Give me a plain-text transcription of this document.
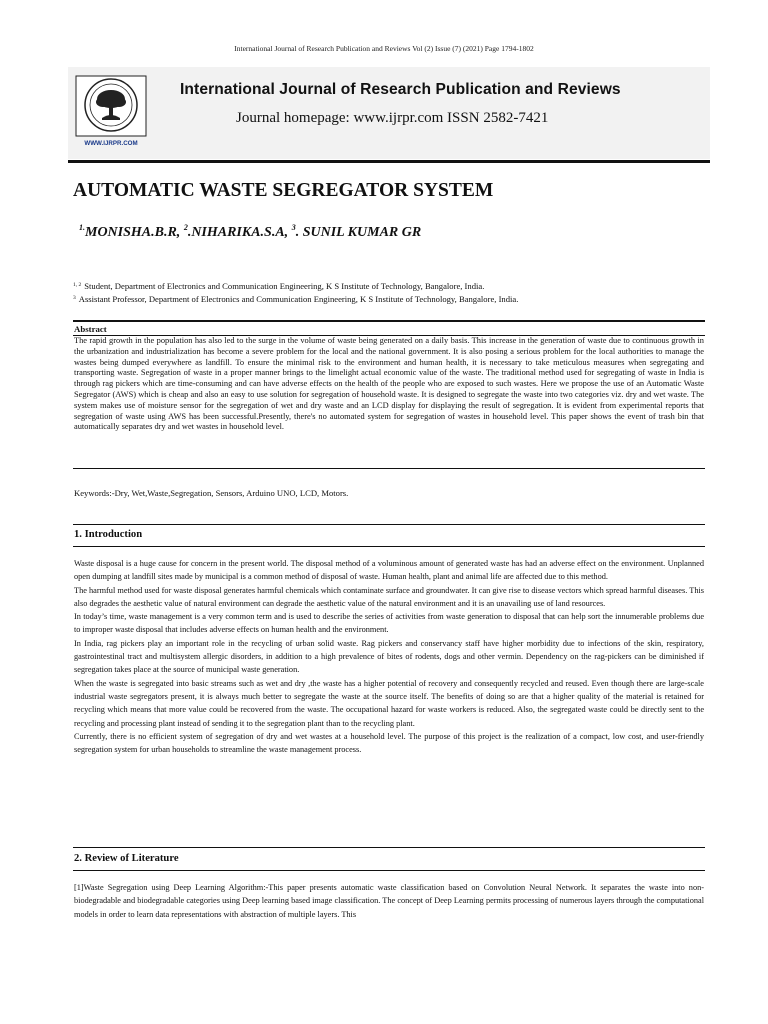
International Journal of Research Publication and Reviews Vol (2) Issue (7) (2021) Page 1794-1802
WWW.IJRPR.COM
International Journal of Research Publication and Reviews
Journal homepage: www.ijrpr.com ISSN 2582-7421
AUTOMATIC WASTE SEGREGATOR SYSTEM
$^{1.}$MONISHA.B.R, $^2$.NIHARIKA.S.A, $^3$. SUNIL KUMAR GR
$^{1, 2}$ Student, Department of Electronics and Communication Engineering, K S Institute of Technology, Bangalore, India.
$^3$ Assistant Professor, Department of Electronics and Communication Engineering, K S Institute of Technology, Bangalore, India.
Abstract
The rapid growth in the population has also led to the surge in the volume of waste being generated on a daily basis. This increase in the generation of waste due to continuous growth in the urbanization and industrialization has become a severe problem for the local and the national government. It is also posing a serious problem for the local authorities to manage the wastes being dumped everywhere as landfill. To ensure the minimal risk to the environment and human health, it is necessary to take meticulous measures when segregating and transporting waste. Segregation of waste in a proper manner brings to the limelight actual economic value of the waste. The traditional method used for segregating of waste in India is through rag pickers which are time-consuming and can have adverse effects on the health of the people who are exposed to such wastes. Here we propose the use of an Automatic Waste Segregator (AWS) which is cheap and also an easy to use solution for segregation of household waste. It is designed to segregate the waste into two categories viz. dry and wet waste. The system makes use of moisture sensor for the segregation of wet and dry waste and an LCD display for displaying the result of segregation. It is evident from experimental reports that segregation of waste using AWS has been successful.Presently, there's no automated system for segregation of wastes in household level. This paper shows the event of trash bin that automatically separates dry and wet wastes in household level.
Keywords:-Dry, Wet,Waste,Segregation, Sensors, Arduino UNO, LCD, Motors.
1. Introduction

Waste disposal is a huge cause for concern in the present world. The disposal method of a voluminous amount of generated waste has had an adverse effect on the environment. Unplanned open dumping at landfill sites made by municipal is a common method of disposal of waste. Human health, plant and animal life are affected due to this method.

The harmful method used for waste disposal generates harmful chemicals which contaminate surface and groundwater. It can give rise to disease vectors which spread harmful diseases. This also degrades the aesthetic value of natural environment can degrade the aesthetic value of the natural environment and it is an unavailing use of land resources.

In today’s time, waste management is a very common term and is used to describe the series of activities from waste generation to disposal that can help sort the innumerable problems due to improper waste disposal that includes adverse effects on human health and the environment.

In India, rag pickers play an important role in the recycling of urban solid waste. Rag pickers and conservancy staff have higher morbidity due to infections of the skin, respiratory, gastrointestinal tract and multisystem allergic disorders, in addition to a high prevalence of bites of rodents, dogs and other vermin. Dependency on the rag-pickers can be diminished if segregation takes place at the source of municipal waste generation.

When the waste is segregated into basic streams such as wet and dry ,the waste has a higher potential of recovery and consequently recycled and reused. Even though there are large-scale industrial waste segregators present, it is always much better to segregate the waste at the source itself. The benefits of doing so are that a higher quality of the material is retained for recycling which means that more value could be recovered from the waste. The occupational hazard for waste workers is reduced. Also, the segregated waste could be directly sent to the recycling and processing plant instead of sending it to the segregation plant than to the recycling plant.

Currently, there is no efficient system of segregation of dry and wet wastes at a household level. The purpose of this project is the realization of a compact, low cost, and user-friendly segregation system for urban households to streamline the waste management process.

2. Review of Literature

[1]Waste Segregation using Deep Learning Algorithm:-This paper presents automatic waste classification based on Convolution Neural Network. It separates the waste into non-biodegradable and biodegradable categories using Deep learning based image classification. The concept of Deep Learning permits processing of numerous layers through the computational models in order to learn data representations with abstraction of multiple layers. This
